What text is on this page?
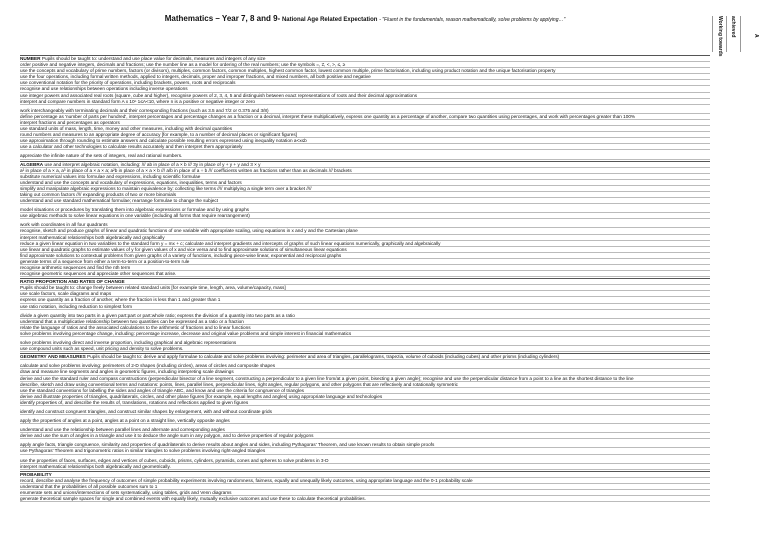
Mathematics – Year 7, 8 and 9- National Age Related Expectation - "Fluent in the fundamentals, reason mathematically, solve problems by applying…"	Working towards achieved	A
NUMBER Pupils should be taught to: understand and use place value for decimals, measures and integers of any size
order positive and negative integers, decimals and fractions; use the number line as a model for ordering of the real numbers; use the symbols =, ≠, <, >, ≤, ≥
use the concepts and vocabulary of prime numbers, factors (or divisors), multiples, common factors, common multiples, highest common factor, lowest common multiple, prime factorisation, including using product notation and the unique factorisation property
use the four operations, including formal written methods, applied to integers, decimals, proper and improper fractions, and mixed numbers, all both positive and negative
use conventional notation for the priority of operations, including brackets, powers, roots and reciprocals
recognise and use relationships between operations including inverse operations
use integer powers and associated real roots (square, cube and higher), recognise powers of 2, 3, 4, 5 and distinguish between exact representations of roots and their decimal approximations
interpret and compare numbers in standard form A x 10ⁿ 1≤A<10, where n is a positive or negative integer or zero
work interchangeably with terminating decimals and their corresponding fractions (such as 3.5 and 7/2 or 0.375 and 3/8)
define percentage as 'number of parts per hundred', interpret percentages and percentage changes as a fraction or a decimal, interpret these multiplicatively, express one quantity as a percentage of another, compare two quantities using percentages, and work with percentages greater than 100%
interpret fractions and percentages as operators
use standard units of mass, length, time, money and other measures, including with decimal quantities
round numbers and measures to an appropriate degree of accuracy [for example, to a number of decimal places or significant figures]
use approximation through rounding to estimate answers and calculate possible resulting errors expressed using inequality notation a<x≤b
use a calculator and other technologies to calculate results accurately and then interpret them appropriately
appreciate the infinite nature of the sets of integers, real and rational numbers.
ALGEBRA use and interpret algebraic notation, including: /// ab in place of a × b /// 3y in place of y + y + y and 3 × y
a² in place of a × a, a³ in place of a × a × a; a²b in place of a × a × b /// a/b in place of a ÷ b /// coefficients written as fractions rather than as decimals /// brackets
substitute numerical values into formulae and expressions, including scientific formulae
understand and use the concepts and vocabulary of expressions, equations, inequalities, terms and factors
simplify and manipulate algebraic expressions to maintain equivalence by: collecting like terms //// multiplying a single term over a bracket ////
taking out common factors //// expanding products of two or more binomials
understand and use standard mathematical formulae; rearrange formulae to change the subject
model situations or procedures by translating them into algebraic expressions or formulae and by using graphs
use algebraic methods to solve linear equations in one variable (including all forms that require rearrangement)
work with coordinates in all four quadrants
recognise, sketch and produce graphs of linear and quadratic functions of one variable with appropriate scaling, using equations in x and y and the Cartesian plane
interpret mathematical relationships both algebraically and graphically
reduce a given linear equation in two variables to the standard form y = mx + c; calculate and interpret gradients and intercepts of graphs of such linear equations numerically, graphically and algebraically
use linear and quadratic graphs to estimate values of y for given values of x and vice versa and to find approximate solutions of simultaneous linear equations
find approximate solutions to contextual problems from given graphs of a variety of functions, including piece-wise linear, exponential and reciprocal graphs
generate terms of a sequence from either a term-to-term or a position-to-term rule
recognise arithmetic sequences and find the nth term
recognise geometric sequences and appreciate other sequences that arise.
RATIO PROPORTION AND RATES OF CHANGE
Pupils should be taught to: change freely between related standard units [for example time, length, area, volume/capacity, mass]
use scale factors, scale diagrams and maps
express one quantity as a fraction of another, where the fraction is less than 1 and greater than 1
use ratio notation, including reduction to simplest form
divide a given quantity into two parts in a given part:part or part:whole ratio; express the division of a quantity into two parts as a ratio
understand that a multiplicative relationship between two quantities can be expressed as a ratio or a fraction
relate the language of ratios and the associated calculations to the arithmetic of fractions and to linear functions
solve problems involving percentage change, including: percentage increase, decrease and original value problems and simple interest in financial mathematics
solve problems involving direct and inverse proportion, including graphical and algebraic representations
use compound units such as speed, unit pricing and density to solve problems.
GEOMETRY AND MEASURES Pupils should be taught to: derive and apply formulae to calculate and solve problems involving: perimeter and area of triangles, parallelograms, trapezia, volume of cuboids (including cubes) and other prisms (including cylinders)
calculate and solve problems involving: perimeters of 2-D shapes (including circles), areas of circles and composite shapes
draw and measure line segments and angles in geometric figures, including interpreting scale drawings
derive and use the standard ruler and compass constructions (perpendicular bisector of a line segment, constructing a perpendicular to a given line from/at a given point, bisecting a given angle); recognise and use the perpendicular distance from a point to a line as the shortest distance to the line
describe, sketch and draw using conventional terms and notations: points, lines, parallel lines, perpendicular lines, right angles, regular polygons, and other polygons that are reflectively and rotationally symmetric
use the standard conventions for labelling the sides and angles of triangle ABC, and know and use the criteria for congruence of triangles
derive and illustrate properties of triangles, quadrilaterals, circles, and other plane figures [for example, equal lengths and angles] using appropriate language and technologies
identify properties of, and describe the results of, translations, rotations and reflections applied to given figures
identify and construct congruent triangles, and construct similar shapes by enlargement, with and without coordinate grids
apply the properties of angles at a point, angles at a point on a straight line, vertically opposite angles
understand and use the relationship between parallel lines and alternate and corresponding angles
derive and use the sum of angles in a triangle and use it to deduce the angle sum in any polygon, and to derive properties of regular polygons
apply angle facts, triangle congruence, similarity and properties of quadrilaterals to derive results about angles and sides, including Pythagoras' Theorem, and use known results to obtain simple proofs
use Pythagoras' Theorem and trigonometric ratios in similar triangles to solve problems involving right-angled triangles
use the properties of faces, surfaces, edges and vertices of cubes, cuboids, prisms, cylinders, pyramids, cones and spheres to solve problems in 3-D
interpret mathematical relationships both algebraically and geometrically.
PROBABILITY
record, describe and analyse the frequency of outcomes of simple probability experiments involving randomness, fairness, equally and unequally likely outcomes, using appropriate language and the 0-1 probability scale
understand that the probabilities of all possible outcomes sum to 1
enumerate sets and unions/intersections of sets systematically, using tables, grids and Venn diagrams
generate theoretical sample spaces for single and combined events with equally likely, mutually exclusive outcomes and use these to calculate theoretical probabilities.
